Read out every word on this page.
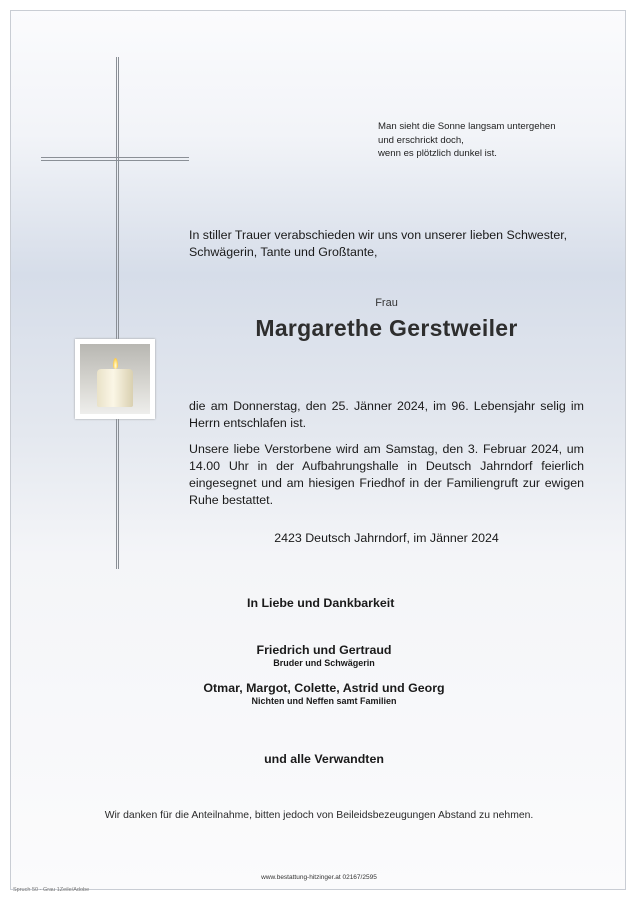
Man sieht die Sonne langsam untergehen
und erschrickt doch,
wenn es plötzlich dunkel ist.
In stiller Trauer verabschieden wir uns von unserer lieben Schwester, Schwägerin, Tante und Großtante,
Frau
Margarethe Gerstweiler
die am Donnerstag, den 25. Jänner 2024, im 96. Lebensjahr selig im Herrn entschlafen ist.
Unsere liebe Verstorbene wird am Samstag, den 3. Februar 2024, um 14.00 Uhr in der Aufbahrungshalle in Deutsch Jahrndorf feierlich eingesegnet und am hiesigen Friedhof in der Familiengruft zur ewigen Ruhe bestattet.
2423 Deutsch Jahrndorf, im Jänner 2024
In Liebe und Dankbarkeit
Friedrich und Gertraud
Bruder und Schwägerin
Otmar, Margot, Colette, Astrid und Georg
Nichten und Neffen samt Familien
und alle Verwandten
Wir danken für die Anteilnahme, bitten jedoch von Beileidsbezeugungen Abstand zu nehmen.
www.bestattung-hitzinger.at 02167/2595
Spruch 50 - Grau 1Zeile/Adobe
